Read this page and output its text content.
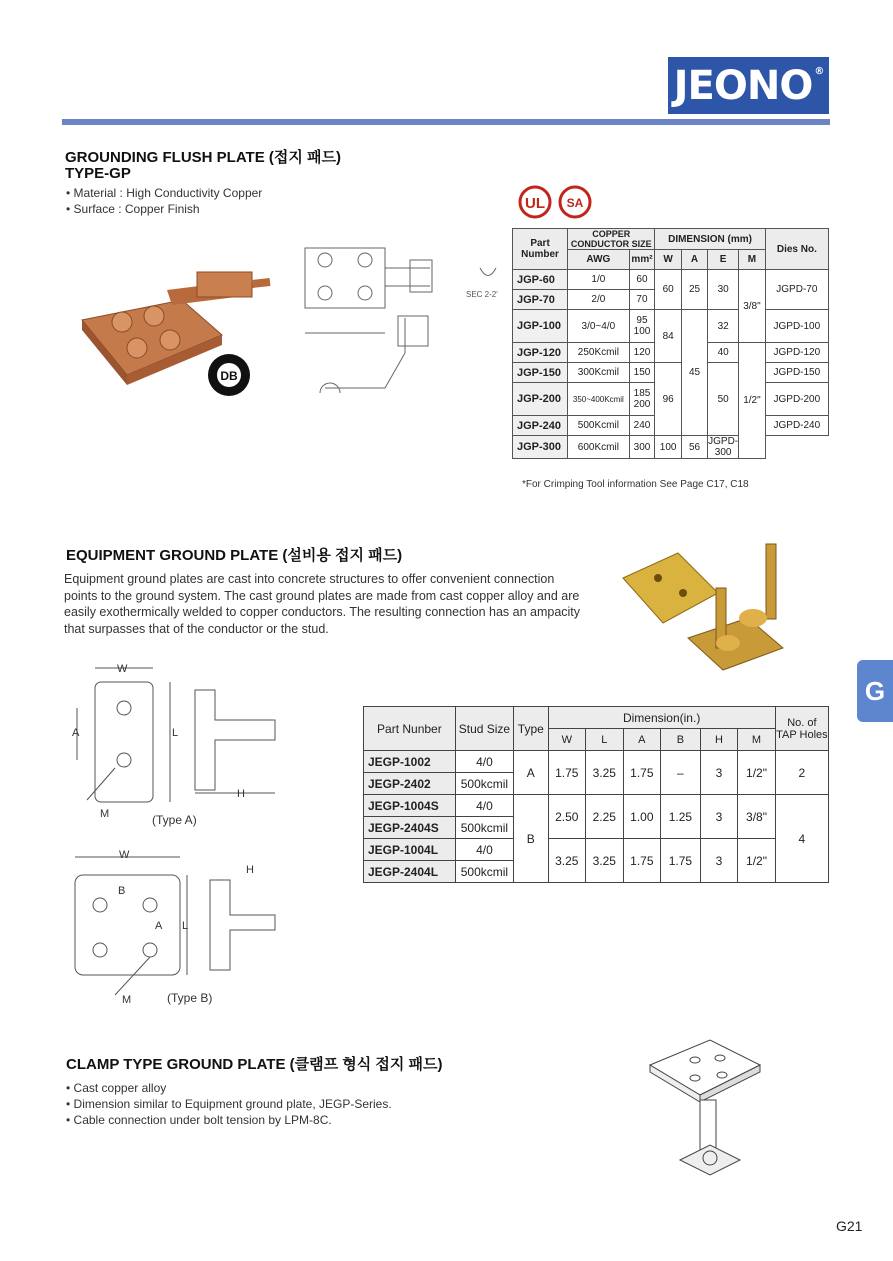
JEONO®
GROUNDING FLUSH PLATE (접지 패드)
TYPE-GP
• Material : High Conductivity Copper
• Surface : Copper Finish
DB
SEC 2-2'
UL SA
Part Number	COPPER CONDUCTOR SIZE		DIMENSION (mm)				Dies No.
	AWG	mm²	W	A	E	M	
JGP-60	1/0	60	60	25	30	3/8"	JGPD-70
JGP-70	2/0	70					
JGP-100	3/0~4/0	95
100	84	45	32		JGPD-100
JGP-120	250Kcmil	120			40	1/2"	JGPD-120
JGP-150	300Kcmil	150	96		50		JGPD-150
JGP-200	350~400Kcmil	185
200					JGPD-200
JGP-240	500Kcmil	240					JGPD-240
JGP-300	600Kcmil	300	100	56	JGPD-300		
*For Crimping Tool information See Page C17, C18
EQUIPMENT GROUND PLATE (설비용 접지 패드)
Equipment ground plates are cast into concrete structures to offer convenient connection points to the ground system. The cast ground plates are made from cast copper alloy and are easily exothermically welded to copper conductors. The resulting connection has an ampacity that surpasses that of the conductor or the stud.
W
A	L
H
M	(Type A)
W
B
A L
H
M	(Type B)
Part Nunber	Stud Size	Type	Dimension(in.)						No. of TAP Holes
			W	L	A	B	H	M	
JEGP-1002	4/0	A	1.75	3.25	1.75	–	3	1/2"	2
JEGP-2402	500kcmil								
JEGP-1004S	4/0	B	2.50	2.25	1.00	1.25	3	3/8"	4
JEGP-2404S	500kcmil								
JEGP-1004L	4/0		3.25	3.25	1.75	1.75	3	1/2"	
JEGP-2404L	500kcmil								
G
CLAMP TYPE GROUND PLATE (클램프 형식 접지 패드)
• Cast copper alloy
• Dimension similar to Equipment ground plate, JEGP-Series.
• Cable connection under bolt tension by LPM-8C.
G21
